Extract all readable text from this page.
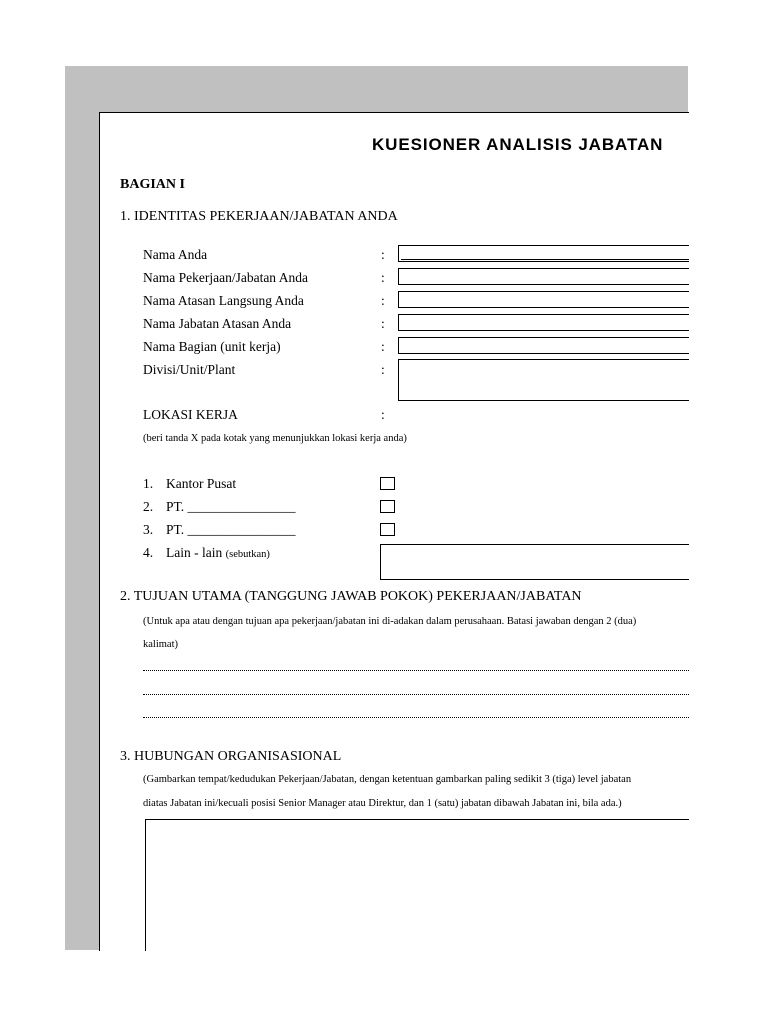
KUESIONER ANALISIS JABATAN
BAGIAN I
1. IDENTITAS PEKERJAAN/JABATAN ANDA
Nama Anda	:
Nama Pekerjaan/Jabatan Anda	:
Nama Atasan Langsung Anda	:
Nama Jabatan Atasan Anda	:
Nama Bagian (unit kerja)	:
Divisi/Unit/Plant	:
LOKASI KERJA	:
(beri tanda X pada kotak yang menunjukkan lokasi kerja anda)
1. Kantor Pusat
2. PT. ________________
3. PT. ________________
4. Lain - lain (sebutkan)
2. TUJUAN UTAMA (TANGGUNG JAWAB POKOK) PEKERJAAN/JABATAN
(Untuk apa atau dengan tujuan apa pekerjaan/jabatan ini di-adakan dalam perusahaan. Batasi jawaban dengan 2 (dua)
kalimat)
3. HUBUNGAN ORGANISASIONAL
(Gambarkan tempat/kedudukan Pekerjaan/Jabatan, dengan ketentuan gambarkan paling sedikit 3 (tiga) level jabatan
diatas Jabatan ini/kecuali posisi Senior Manager atau Direktur, dan 1 (satu) jabatan dibawah Jabatan ini, bila ada.)
